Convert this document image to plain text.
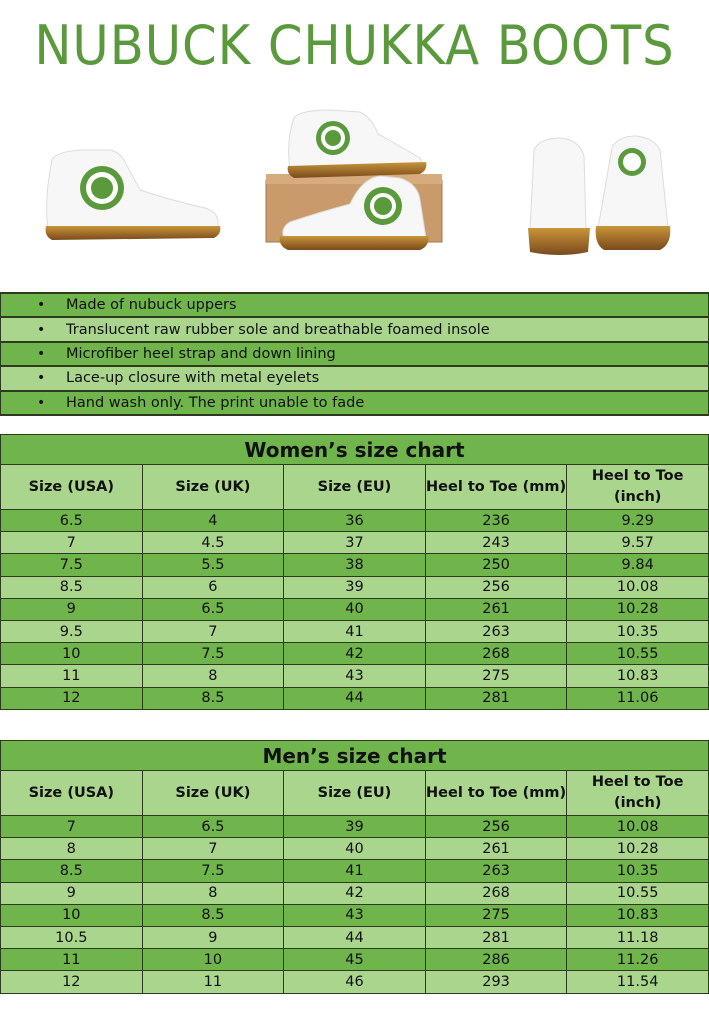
NUBUCK CHUKKA BOOTS
•	Made of nubuck uppers
•	Translucent raw rubber sole and breathable foamed insole
•	Microfiber heel strap and down lining
•	Lace-up closure with metal eyelets
•	Hand wash only. The print unable to fade
Women’s size chart				
Size (USA)	Size (UK)	Size (EU)	Heel to Toe (mm)	Heel to Toe (inch)
6.5	4	36	236	9.29
7	4.5	37	243	9.57
7.5	5.5	38	250	9.84
8.5	6	39	256	10.08
9	6.5	40	261	10.28
9.5	7	41	263	10.35
10	7.5	42	268	10.55
11	8	43	275	10.83
12	8.5	44	281	11.06
Men’s size chart				
Size (USA)	Size (UK)	Size (EU)	Heel to Toe (mm)	Heel to Toe (inch)
7	6.5	39	256	10.08
8	7	40	261	10.28
8.5	7.5	41	263	10.35
9	8	42	268	10.55
10	8.5	43	275	10.83
10.5	9	44	281	11.18
11	10	45	286	11.26
12	11	46	293	11.54
